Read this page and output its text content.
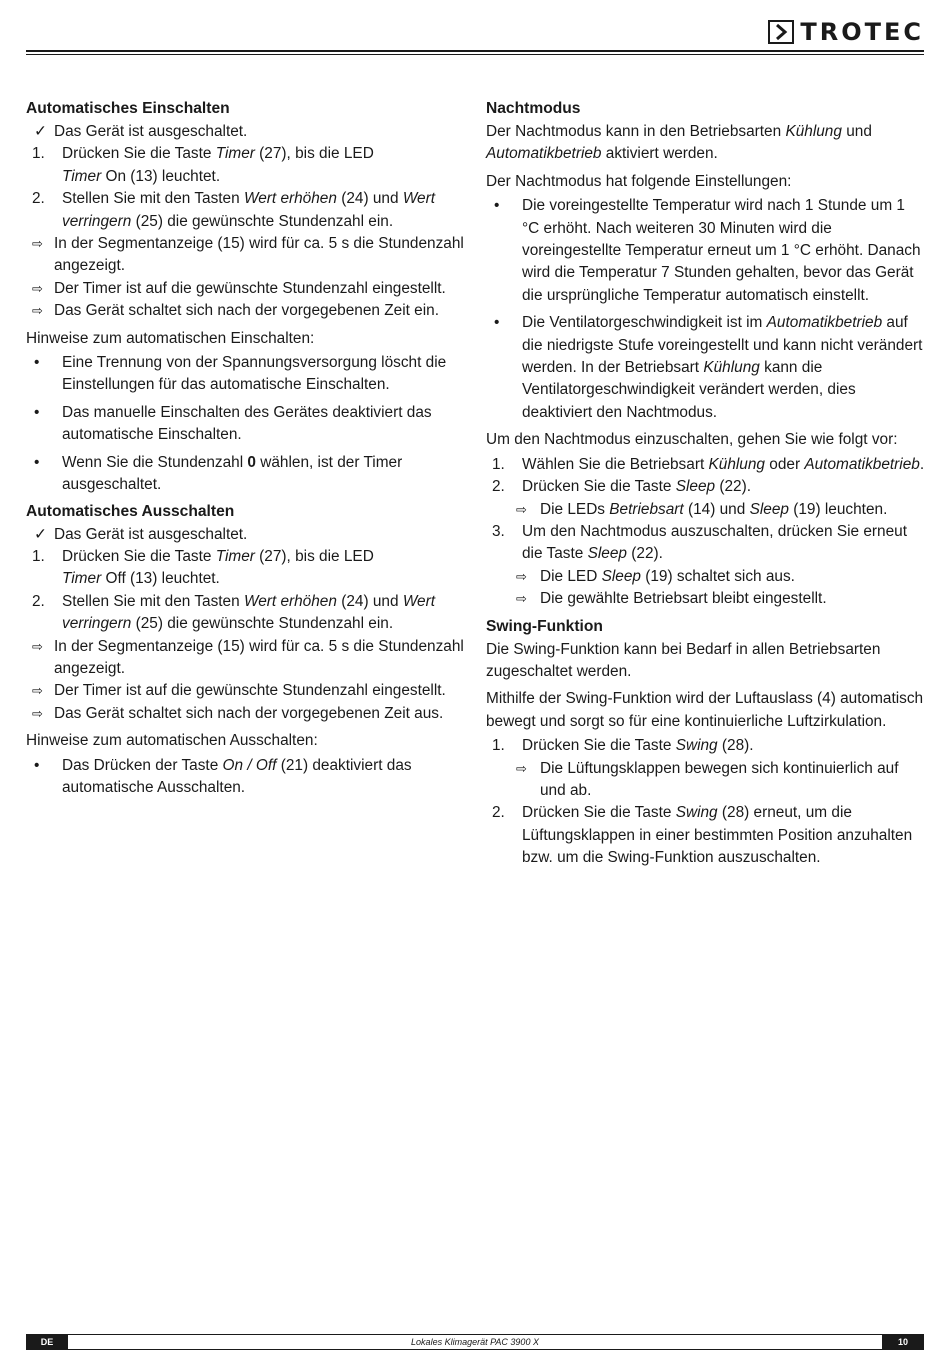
TROTEC
Automatisches Einschalten
✓ Das Gerät ist ausgeschaltet.
1.	Drücken Sie die Taste Timer (27), bis die LED
Timer On (13) leuchtet.
2.	Stellen Sie mit den Tasten Wert erhöhen (24) und Wert
verringern (25) die gewünschte Stundenzahl ein.
⇨ In der Segmentanzeige (15) wird für ca. 5 s die Stundenzahl angezeigt.
⇨ Der Timer ist auf die gewünschte Stundenzahl eingestellt.
⇨ Das Gerät schaltet sich nach der vorgegebenen Zeit ein.

Hinweise zum automatischen Einschalten:

•	Eine Trennung von der Spannungsversorgung löscht die Einstellungen für das automatische Einschalten.
•	Das manuelle Einschalten des Gerätes deaktiviert das automatische Einschalten.
•	Wenn Sie die Stundenzahl 0 wählen, ist der Timer ausgeschaltet.
Automatisches Ausschalten
✓ Das Gerät ist ausgeschaltet.
1.	Drücken Sie die Taste Timer (27), bis die LED
Timer Off (13) leuchtet.
2.	Stellen Sie mit den Tasten Wert erhöhen (24) und Wert
verringern (25) die gewünschte Stundenzahl ein.
⇨ In der Segmentanzeige (15) wird für ca. 5 s die Stundenzahl angezeigt.
⇨ Der Timer ist auf die gewünschte Stundenzahl eingestellt.
⇨ Das Gerät schaltet sich nach der vorgegebenen Zeit aus.

Hinweise zum automatischen Ausschalten:

•	Das Drücken der Taste On / Off (21) deaktiviert das automatische Ausschalten.
Nachtmodus

Der Nachtmodus kann in den Betriebsarten Kühlung und
Automatikbetrieb aktiviert werden.

Der Nachtmodus hat folgende Einstellungen:

•	Die voreingestellte Temperatur wird nach 1 Stunde um 1 °C erhöht. Nach weiteren 30 Minuten wird die voreingestellte Temperatur erneut um 1 °C erhöht. Danach wird die Temperatur 7 Stunden gehalten, bevor das Gerät die ursprüngliche Temperatur automatisch einstellt.
•	Die Ventilatorgeschwindigkeit ist im Automatikbetrieb auf die niedrigste Stufe voreingestellt und kann nicht verändert werden. In der Betriebsart Kühlung kann die Ventilatorgeschwindigkeit verändert werden, dies deaktiviert den Nachtmodus.

Um den Nachtmodus einzuschalten, gehen Sie wie folgt vor:

1.	Wählen Sie die Betriebsart Kühlung oder Automatikbetrieb.
2.	Drücken Sie die Taste Sleep (22).
⇨ Die LEDs Betriebsart (14) und Sleep (19) leuchten.
3.	Um den Nachtmodus auszuschalten, drücken Sie erneut die Taste Sleep (22).
⇨ Die LED Sleep (19) schaltet sich aus.
⇨ Die gewählte Betriebsart bleibt eingestellt.
Swing-Funktion

Die Swing-Funktion kann bei Bedarf in allen Betriebsarten zugeschaltet werden.

Mithilfe der Swing-Funktion wird der Luftauslass (4) automatisch bewegt und sorgt so für eine kontinuierliche Luftzirkulation.

1.	Drücken Sie die Taste Swing (28).
⇨ Die Lüftungsklappen bewegen sich kontinuierlich auf und ab.
2.	Drücken Sie die Taste Swing (28) erneut, um die Lüftungsklappen in einer bestimmten Position anzuhalten bzw. um die Swing-Funktion auszuschalten.
DE	Lokales Klimagerät PAC 3900 X	10
